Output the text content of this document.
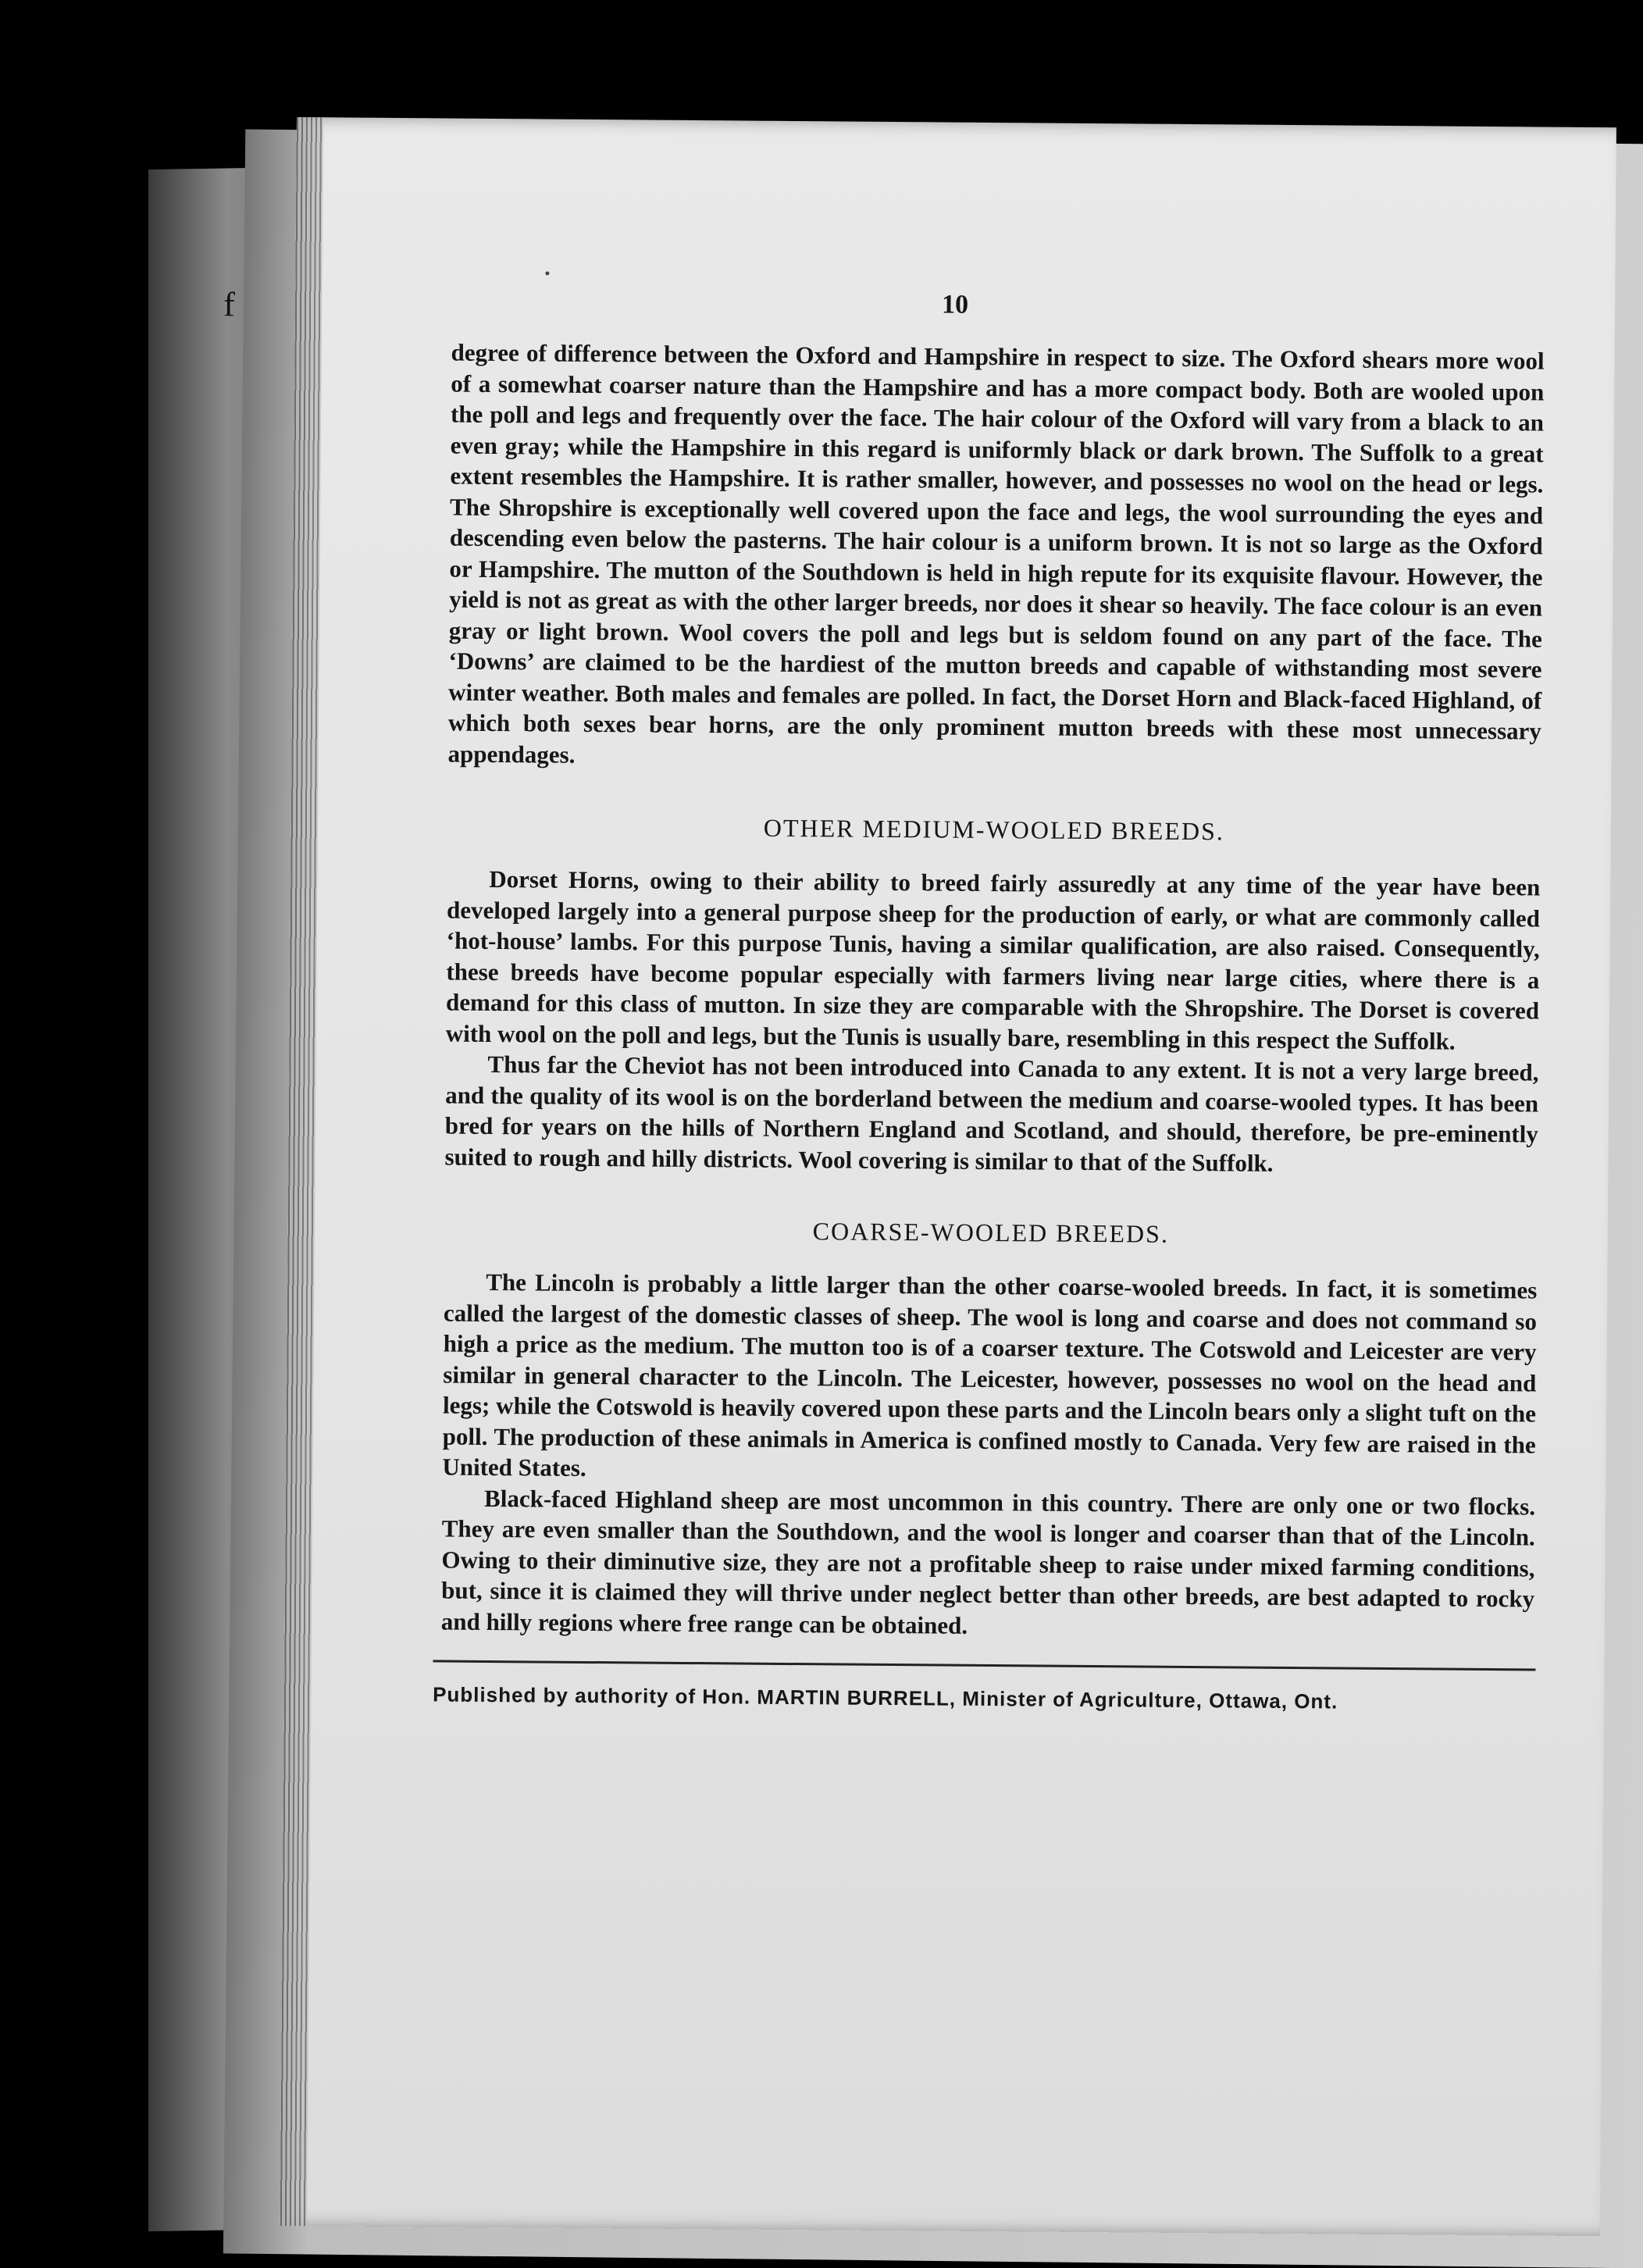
f	10

degree of difference between the Oxford and Hampshire in respect to size. The Oxford shears more wool of a somewhat coarser nature than the Hampshire and has a more compact body. Both are wooled upon the poll and legs and frequently over the face. The hair colour of the Oxford will vary from a black to an even gray; while the Hampshire in this regard is uniformly black or dark brown. The Suffolk to a great extent resembles the Hampshire. It is rather smaller, however, and possesses no wool on the head or legs. The Shropshire is exceptionally well covered upon the face and legs, the wool surrounding the eyes and descending even below the pasterns. The hair colour is a uniform brown. It is not so large as the Oxford or Hampshire. The mutton of the Southdown is held in high repute for its exquisite flavour. However, the yield is not as great as with the other larger breeds, nor does it shear so heavily. The face colour is an even gray or light brown. Wool covers the poll and legs but is seldom found on any part of the face. The ‘Downs’ are claimed to be the hardiest of the mutton breeds and capable of withstanding most severe winter weather. Both males and females are polled. In fact, the Dorset Horn and Black-faced Highland, of which both sexes bear horns, are the only prominent mutton breeds with these most unnecessary appendages.

OTHER MEDIUM-WOOLED BREEDS.

Dorset Horns, owing to their ability to breed fairly assuredly at any time of the year have been developed largely into a general purpose sheep for the production of early, or what are commonly called ‘hot-house’ lambs. For this purpose Tunis, having a similar qualification, are also raised. Consequently, these breeds have become popular especially with farmers living near large cities, where there is a demand for this class of mutton. In size they are comparable with the Shropshire. The Dorset is covered with wool on the poll and legs, but the Tunis is usually bare, resembling in this respect the Suffolk.

Thus far the Cheviot has not been introduced into Canada to any extent. It is not a very large breed, and the quality of its wool is on the borderland between the medium and coarse-wooled types. It has been bred for years on the hills of Northern England and Scotland, and should, therefore, be pre-eminently suited to rough and hilly districts. Wool covering is similar to that of the Suffolk.

COARSE-WOOLED BREEDS.

The Lincoln is probably a little larger than the other coarse-wooled breeds. In fact, it is sometimes called the largest of the domestic classes of sheep. The wool is long and coarse and does not command so high a price as the medium. The mutton too is of a coarser texture. The Cotswold and Leicester are very similar in general character to the Lincoln. The Leicester, however, possesses no wool on the head and legs; while the Cotswold is heavily covered upon these parts and the Lincoln bears only a slight tuft on the poll. The production of these animals in America is confined mostly to Canada. Very few are raised in the United States.

Black-faced Highland sheep are most uncommon in this country. There are only one or two flocks. They are even smaller than the Southdown, and the wool is longer and coarser than that of the Lincoln. Owing to their diminutive size, they are not a profitable sheep to raise under mixed farming conditions, but, since it is claimed they will thrive under neglect better than other breeds, are best adapted to rocky and hilly regions where free range can be obtained.

Published by authority of Hon. MARTIN BURRELL, Minister of Agriculture, Ottawa, Ont.
